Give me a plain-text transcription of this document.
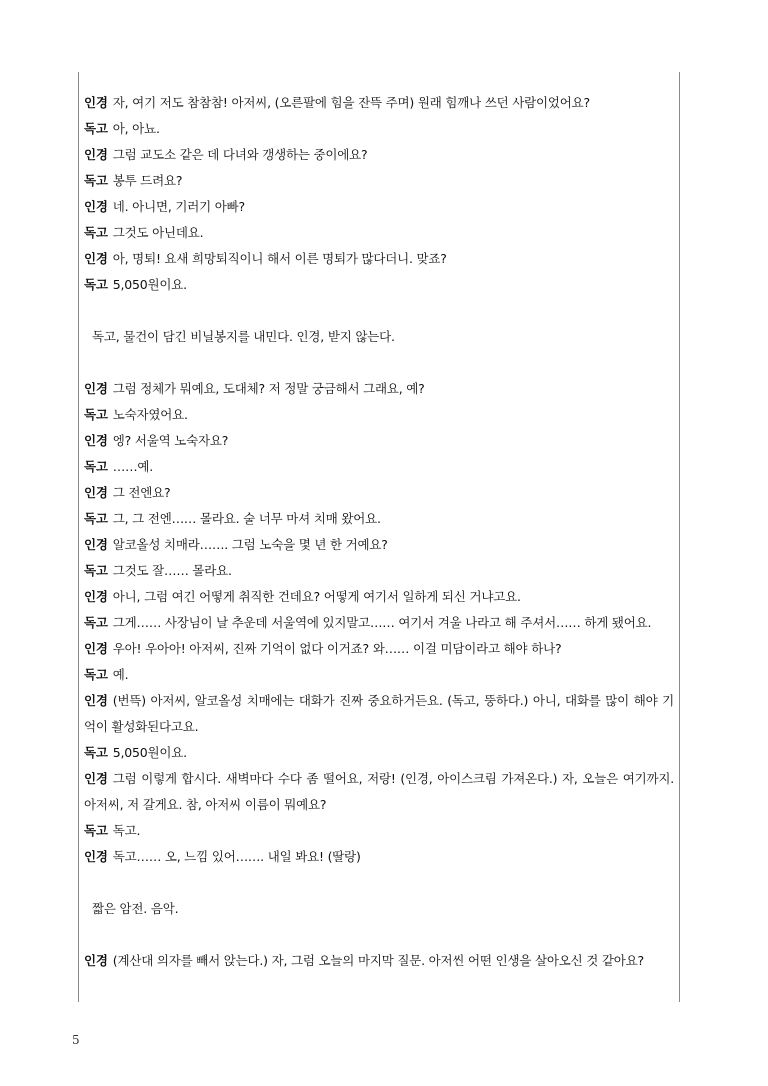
인경 자, 여기 저도 참참참! 아저씨, (오른팔에 힘을 잔뜩 주며) 원래 힘깨나 쓰던 사람이었어요?

독고 아, 아뇨.

인경 그럼 교도소 같은 데 다녀와 갱생하는 중이에요?

독고 봉투 드려요?

인경 네. 아니면, 기러기 아빠?

독고 그것도 아닌데요.

인경 아, 명퇴! 요새 희망퇴직이니 해서 이른 명퇴가 많다더니. 맞죠?

독고 5,050원이요.

독고, 물건이 담긴 비닐봉지를 내민다. 인경, 받지 않는다.

인경 그럼 정체가 뭐예요, 도대체? 저 정말 궁금해서 그래요, 예?

독고 노숙자였어요.

인경 엥? 서울역 노숙자요?

독고 ……예.

인경 그 전엔요?

독고 그, 그 전엔…… 몰라요. 술 너무 마셔 치매 왔어요.

인경 알코올성 치매라……. 그럼 노숙을 몇 년 한 거예요?

독고 그것도 잘…… 몰라요.

인경 아니, 그럼 여긴 어떻게 취직한 건데요? 어떻게 여기서 일하게 되신 거냐고요.

독고 그게…… 사장님이 날 추운데 서울역에 있지말고…… 여기서 겨울 나라고 해 주셔서…… 하게 됐어요.

인경 우아! 우아아! 아저씨, 진짜 기억이 없다 이거죠? 와…… 이걸 미담이라고 해야 하나?

독고 예.

인경 (번뜩) 아저씨, 알코올성 치매에는 대화가 진짜 중요하거든요. (독고, 뚱하다.) 아니, 대화를 많이 해야 기억이 활성화된다고요.

독고 5,050원이요.

인경 그럼 이렇게 합시다. 새벽마다 수다 좀 떨어요, 저랑! (인경, 아이스크림 가져온다.) 자, 오늘은 여기까지. 아저씨, 저 갈게요. 참, 아저씨 이름이 뭐예요?

독고 독고.

인경 독고…… 오, 느낌 있어……. 내일 봐요! (딸랑)

짧은 암전. 음악.

인경 (계산대 의자를 빼서 앉는다.) 자, 그럼 오늘의 마지막 질문. 아저씬 어떤 인생을 살아오신 것 같아요?

5
